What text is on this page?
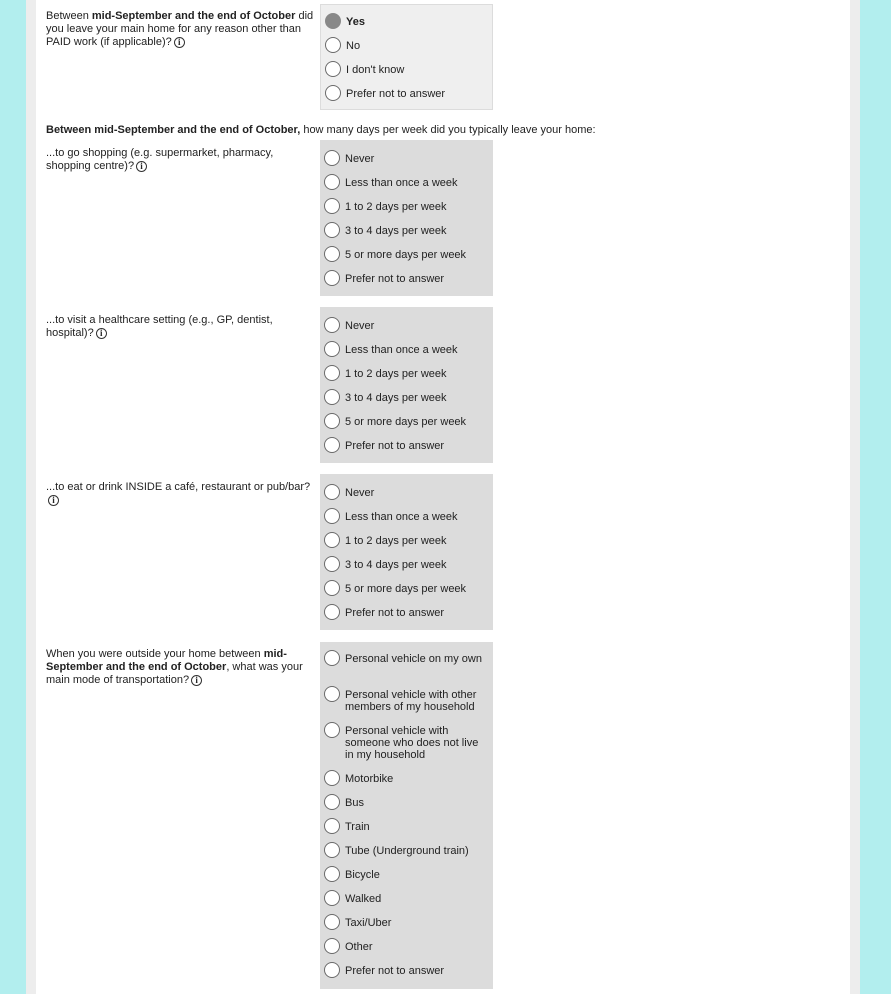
Between mid-September and the end of October did you leave your main home for any reason other than PAID work (if applicable)? i
Yes
No
I don't know
Prefer not to answer
Between mid-September and the end of October, how many days per week did you typically leave your home:
...to go shopping (e.g. supermarket, pharmacy, shopping centre)? i
Never
Less than once a week
1 to 2 days per week
3 to 4 days per week
5 or more days per week
Prefer not to answer
...to visit a healthcare setting (e.g., GP, dentist, hospital)? i
Never
Less than once a week
1 to 2 days per week
3 to 4 days per week
5 or more days per week
Prefer not to answer
...to eat or drink INSIDE a café, restaurant or pub/bar?i
Never
Less than once a week
1 to 2 days per week
3 to 4 days per week
5 or more days per week
Prefer not to answer
When you were outside your home between mid-September and the end of October, what was your main mode of transportation? i
Personal vehicle on my own
Personal vehicle with other members of my household
Personal vehicle with someone who does not live in my household
Motorbike
Bus
Train
Tube (Underground train)
Bicycle
Walked
Taxi/Uber
Other
Prefer not to answer
